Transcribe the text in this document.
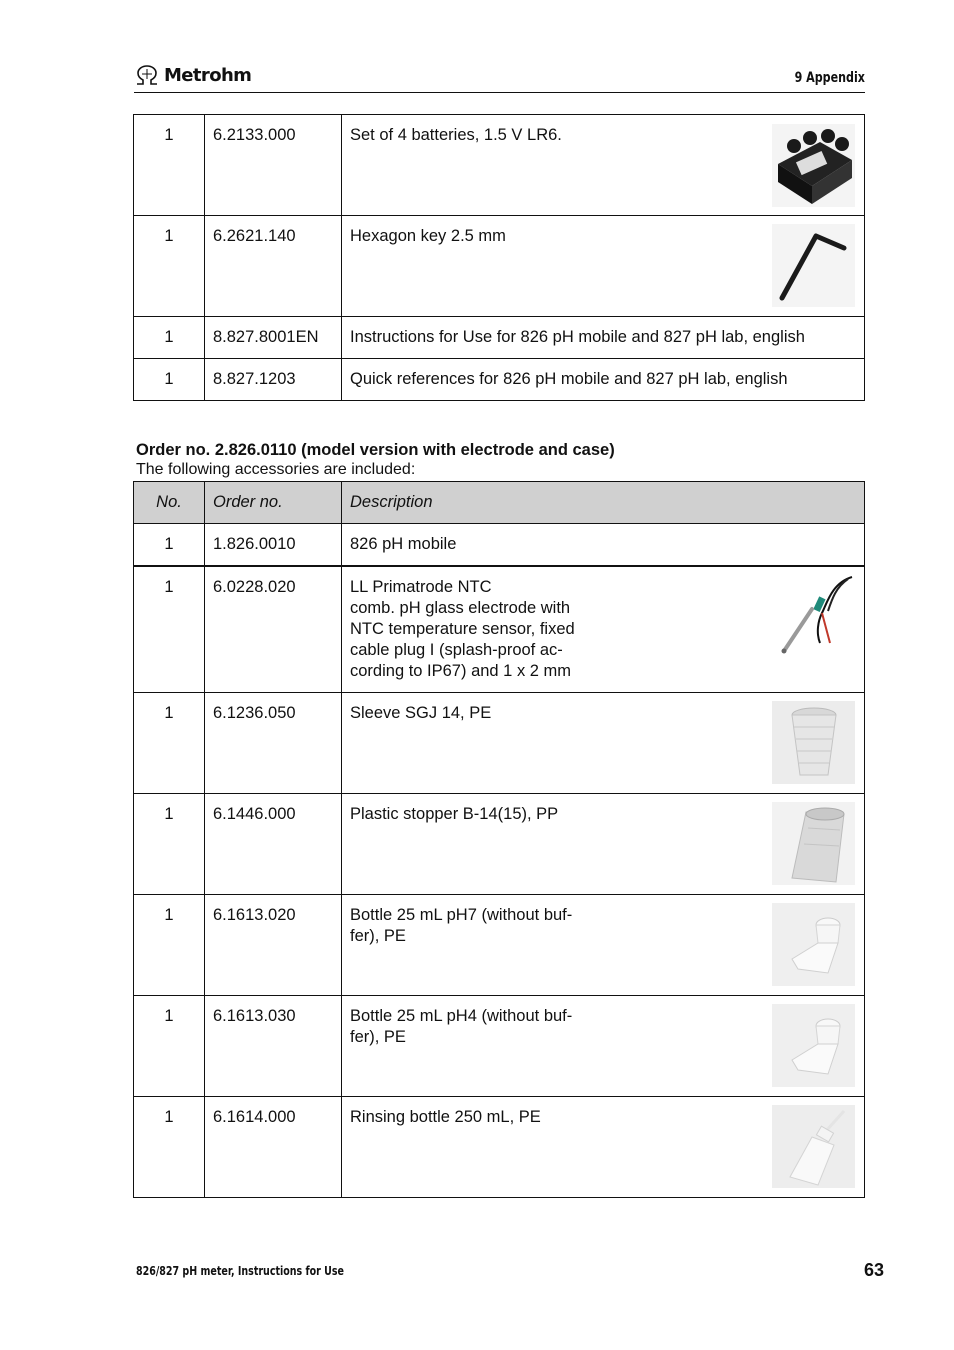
Metrohm	9 Appendix
1	6.2133.000	Set of 4 batteries, 1.5 V LR6.

1	6.2621.140	Hexagon key 2.5 mm

1	8.827.8001EN	Instructions for Use for 826 pH mobile and 827 pH lab, english
1	8.827.1203	Quick references for 826 pH mobile and 827 pH lab, english
Order no. 2.826.0110 (model version with electrode and case)
The following accessories are included:
No.	Order no.	Description
1	1.826.0010	826 pH mobile
1	6.0228.020	LL Primatrode NTC
comb. pH glass electrode with
NTC temperature sensor, fixed
cable plug I (splash-proof ac-
cording to IP67) and 1 x 2 mm

1	6.1236.050	Sleeve SGJ 14, PE

1	6.1446.000	Plastic stopper B-14(15), PP

1	6.1613.020	Bottle 25 mL pH7 (without buf-
fer), PE

1	6.1613.030	Bottle 25 mL pH4 (without buf-
fer), PE

1	6.1614.000	Rinsing bottle 250 mL, PE
826/827 pH meter, Instructions for Use	63
